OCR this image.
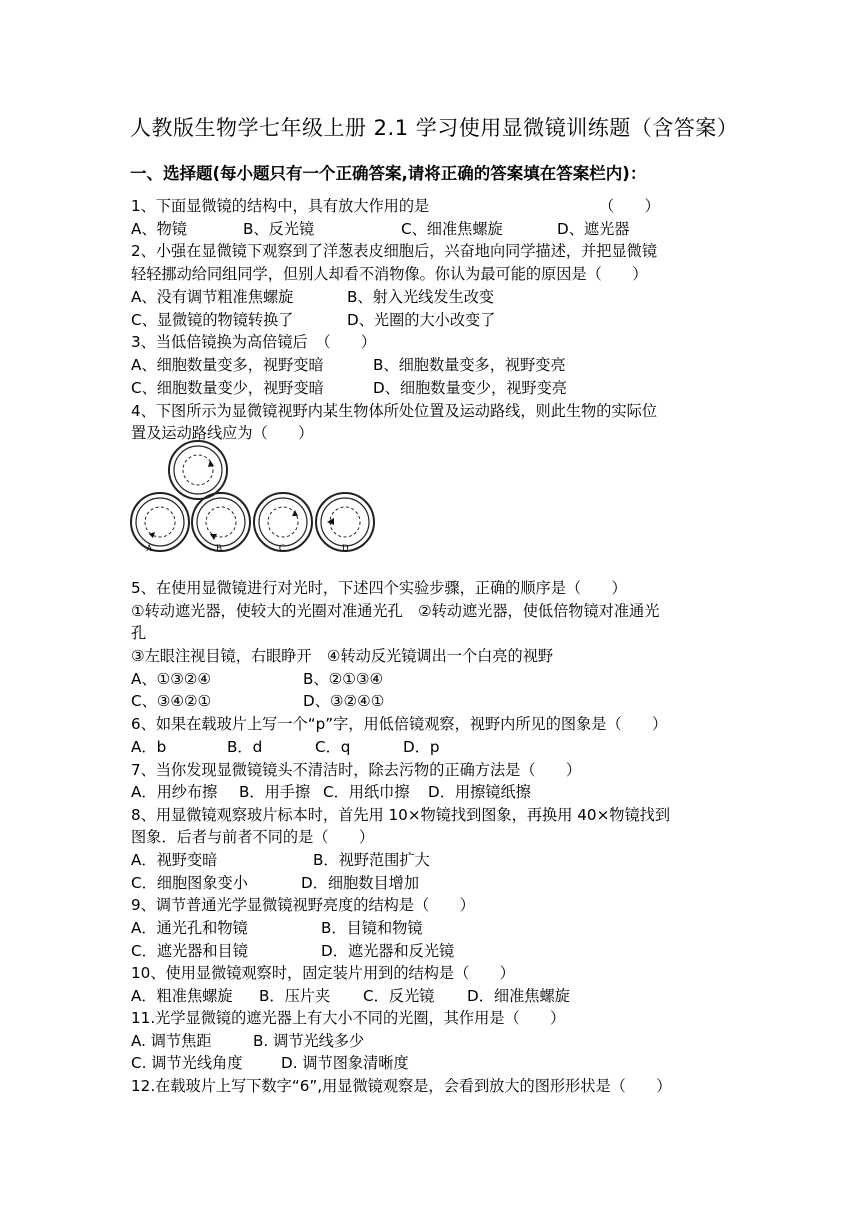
人教版生物学七年级上册 2.1 学习使用显微镜训练题（含答案）
一、选择题(每小题只有一个正确答案,请将正确的答案填在答案栏内)：
1、下面显微镜的结构中，具有放大作用的是	（　　）
A、物镜	B、反光镜	C、细准焦螺旋	D、遮光器
2、小强在显微镜下观察到了洋葱表皮细胞后，兴奋地向同学描述，并把显微镜
轻轻挪动给同组同学，但别人却看不消物像。你认为最可能的原因是（　　）
A、没有调节粗准焦螺旋	B、射入光线发生改变
C、显微镜的物镜转换了	D、光圈的大小改变了
3、当低倍镜换为高倍镜后　（　　）
A、细胞数量变多，视野变暗	B、细胞数量变多，视野变亮
C、细胞数量变少，视野变暗	D、细胞数量变少，视野变亮
4、下图所示为显微镜视野内某生物体所处位置及运动路线，则此生物的实际位
置及运动路线应为（　　）
A	B	C	D
5、在使用显微镜进行对光时，下述四个实验步骤，正确的顺序是（　　）
①转动遮光器，使较大的光圈对准通光孔　②转动遮光器，使低倍物镜对准通光
孔
③左眼注视目镜，右眼睁开　④转动反光镜调出一个白亮的视野
A、①③②④	B、②①③④
C、③④②①	D、③②④①
6、如果在载玻片上写一个“p”字，用低倍镜观察，视野内所见的图象是（　　）
A．b	B．d	C．q	D．p
7、当你发现显微镜镜头不清洁时，除去污物的正确方法是（　　）
A．用纱布擦 B．用手擦 C．用纸巾擦 D．用擦镜纸擦
8、用显微镜观察玻片标本时，首先用 10×物镜找到图象，再换用 40×物镜找到
图象．后者与前者不同的是（　　）
A．视野变暗	B．视野范围扩大
C．细胞图象变小	D．细胞数目增加
9、调节普通光学显微镜视野亮度的结构是（　　）
A．通光孔和物镜	B．目镜和物镜
C．遮光器和目镜	D．遮光器和反光镜
10、使用显微镜观察时，固定装片用到的结构是（　　）
A．粗准焦螺旋 B．压片夹 C．反光镜 D．细准焦螺旋
11.光学显微镜的遮光器上有大小不同的光圈，其作用是（　　）
A. 调节焦距	B. 调节光线多少
C. 调节光线角度	D. 调节图象清晰度
12.在载玻片上写下数字“6”,用显微镜观察是，会看到放大的图形形状是（　　）
